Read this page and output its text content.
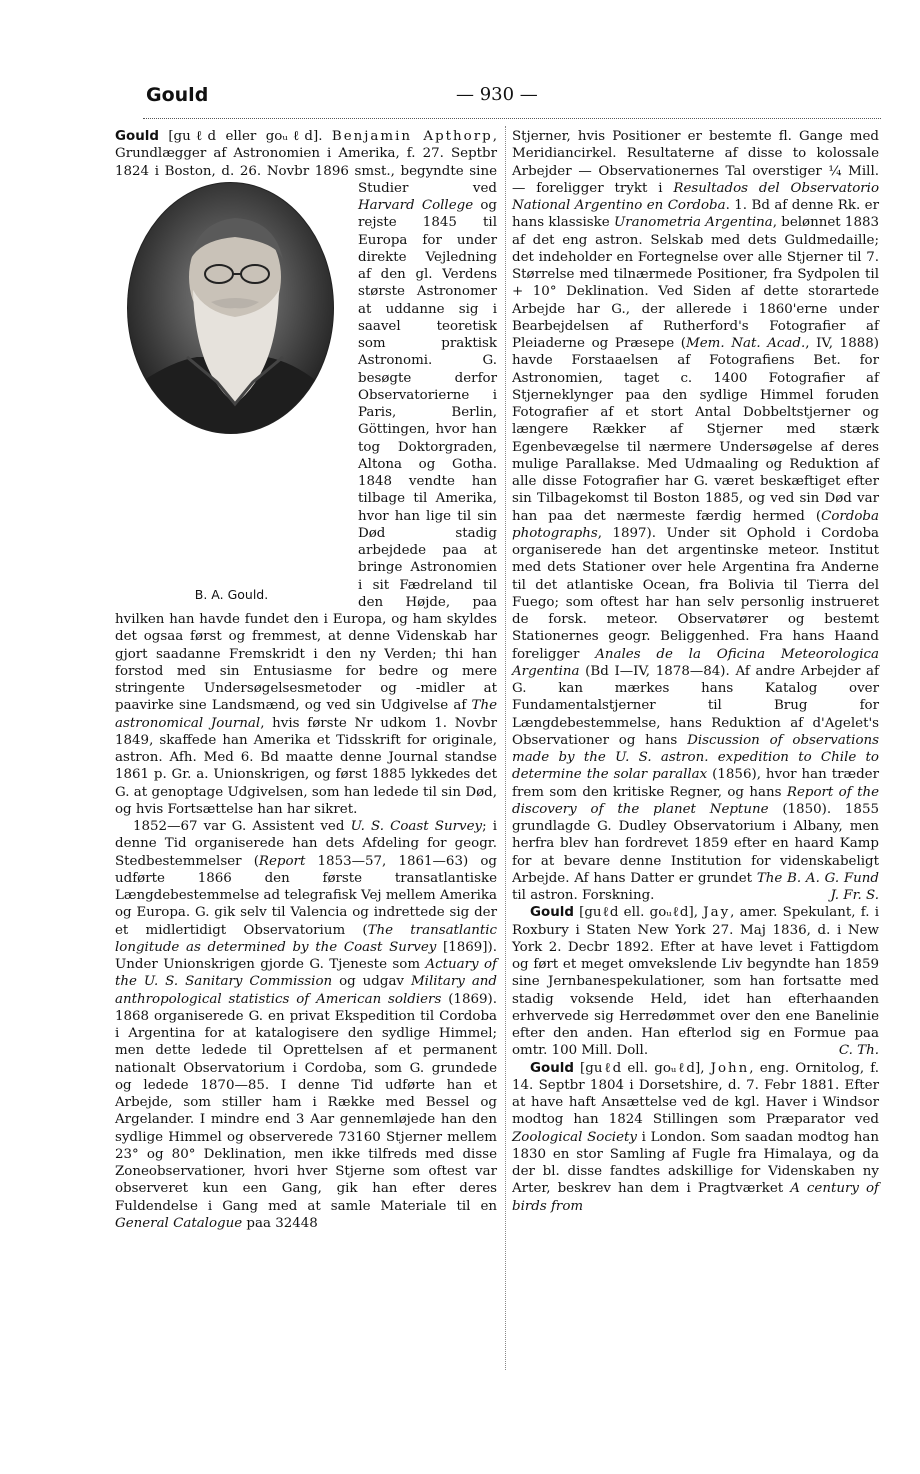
Gould	— 930 —

Gould [guℓd eller goᵤℓd]. Benjamin Apthorp, Grundlægger af Astronomien i Amerika, f. 27. Septbr 1824 i Boston, d. 26. Novbr 1896 smst., begyndte sine Studier ved
B. A. Gould.
Harvard College og rejste 1845 til Europa for under direkte Vejledning af den gl. Verdens største Astronomer at uddanne sig i saavel teoretisk som praktisk Astronomi. G. besøgte derfor Observatorierne i Paris, Berlin, Göttingen, hvor han tog Doktorgraden, Altona og Gotha. 1848 vendte han tilbage til Amerika, hvor han lige til sin Død stadig arbejdede paa at bringe Astronomien i sit Fædreland til den Højde, paa hvilken han havde fundet den i Europa, og ham skyldes det ogsaa først og fremmest, at denne Videnskab har gjort saadanne Fremskridt i den ny Verden; thi han forstod med sin Entusiasme for bedre og mere stringente Undersøgelsesmetoder og -midler at paavirke sine Landsmænd, og ved sin Udgivelse af The astronomical Journal, hvis første Nr udkom 1. Novbr 1849, skaffede han Amerika et Tidsskrift for originale, astron. Afh. Med 6. Bd maatte denne Journal standse 1861 p. Gr. a. Unionskrigen, og først 1885 lykkedes det G. at genoptage Udgivelsen, som han ledede til sin Død, og hvis Fortsættelse han har sikret.

1852—67 var G. Assistent ved U. S. Coast Survey; i denne Tid organiserede han dets Afdeling for geogr. Stedbestemmelser (Report 1853—57, 1861—63) og udførte 1866 den første transatlantiske Længdebestemmelse ad telegrafisk Vej mellem Amerika og Europa. G. gik selv til Valencia og indrettede sig der et midlertidigt Observatorium (The transatlantic longitude as determined by the Coast Survey [1869]). Under Unionskrigen gjorde G. Tjeneste som Actuary of the U. S. Sanitary Commission og udgav Military and anthropological statistics of American soldiers (1869). 1868 organiserede G. en privat Ekspedition til Cordoba i Argentina for at katalogisere den sydlige Himmel; men dette ledede til Oprettelsen af et permanent nationalt Observatorium i Cordoba, som G. grundede og ledede 1870—85. I denne Tid udførte han et Arbejde, som stiller ham i Række med Bessel og Argelander. I mindre end 3 Aar gennemløjede han den sydlige Himmel og observerede 73160 Stjerner mellem 23° og 80° Deklination, men ikke tilfreds med disse Zoneobservationer, hvori hver Stjerne som oftest var observeret kun een Gang, gik han efter deres Fuldendelse i Gang med at samle Materiale til en General Catalogue paa 32448

Stjerner, hvis Positioner er bestemte fl. Gange med Meridiancirkel. Resultaterne af disse to kolossale Arbejder — Observationernes Tal overstiger ¼ Mill. — foreligger trykt i Resultados del Observatorio National Argentino en Cordoba. 1. Bd af denne Rk. er hans klassiske Uranometria Argentina, belønnet 1883 af det eng astron. Selskab med dets Guldmedaille; det indeholder en Fortegnelse over alle Stjerner til 7. Størrelse med tilnærmede Positioner, fra Sydpolen til + 10° Deklination. Ved Siden af dette storartede Arbejde har G., der allerede i 1860'erne under Bearbejdelsen af Rutherford's Fotografier af Pleiaderne og Præsepe (Mem. Nat. Acad., IV, 1888) havde Forstaaelsen af Fotografiens Bet. for Astronomien, taget c. 1400 Fotografier af Stjerneklynger paa den sydlige Himmel foruden Fotografier af et stort Antal Dobbeltstjerner og længere Rækker af Stjerner med stærk Egenbevægelse til nærmere Undersøgelse af deres mulige Parallakse. Med Udmaaling og Reduktion af alle disse Fotografier har G. været beskæftiget efter sin Tilbagekomst til Boston 1885, og ved sin Død var han paa det nærmeste færdig hermed (Cordoba photographs, 1897). Under sit Ophold i Cordoba organiserede han det argentinske meteor. Institut med dets Stationer over hele Argentina fra Anderne til det atlantiske Ocean, fra Bolivia til Tierra del Fuego; som oftest har han selv personlig instrueret de forsk. meteor. Observatører og bestemt Stationernes geogr. Beliggenhed. Fra hans Haand foreligger Anales de la Oficina Meteorologica Argentina (Bd I—IV, 1878—84). Af andre Arbejder af G. kan mærkes hans Katalog over Fundamentalstjerner til Brug for Længdebestemmelse, hans Reduktion af d'Agelet's Observationer og hans Discussion of observations made by the U. S. astron. expedition to Chile to determine the solar parallax (1856), hvor han træder frem som den kritiske Regner, og hans Report of the discovery of the planet Neptune (1850). 1855 grundlagde G. Dudley Observatorium i Albany, men herfra blev han fordrevet 1859 efter en haard Kamp for at bevare denne Institution for videnskabeligt Arbejde. Af hans Datter er grundet The B. A. G. Fund til astron. Forskning.	J. Fr. S.

Gould [guℓd ell. goᵤℓd], Jay, amer. Spekulant, f. i Roxbury i Staten New York 27. Maj 1836, d. i New York 2. Decbr 1892. Efter at have levet i Fattigdom og ført et meget omvekslende Liv begyndte han 1859 sine Jernbanespekulationer, som han fortsatte med stadig voksende Held, idet han efterhaanden erhvervede sig Herredømmet over den ene Banelinie efter den anden. Han efterlod sig en Formue paa omtr. 100 Mill. Doll.	C. Th.

Gould [guℓd ell. goᵤℓd], John, eng. Ornitolog, f. 14. Septbr 1804 i Dorsetshire, d. 7. Febr 1881. Efter at have haft Ansættelse ved de kgl. Haver i Windsor modtog han 1824 Stillingen som Præparator ved Zoological Society i London. Som saadan modtog han 1830 en stor Samling af Fugle fra Himalaya, og da der bl. disse fandtes adskillige for Videnskaben ny Arter, beskrev han dem i Pragtværket A century of birds from
